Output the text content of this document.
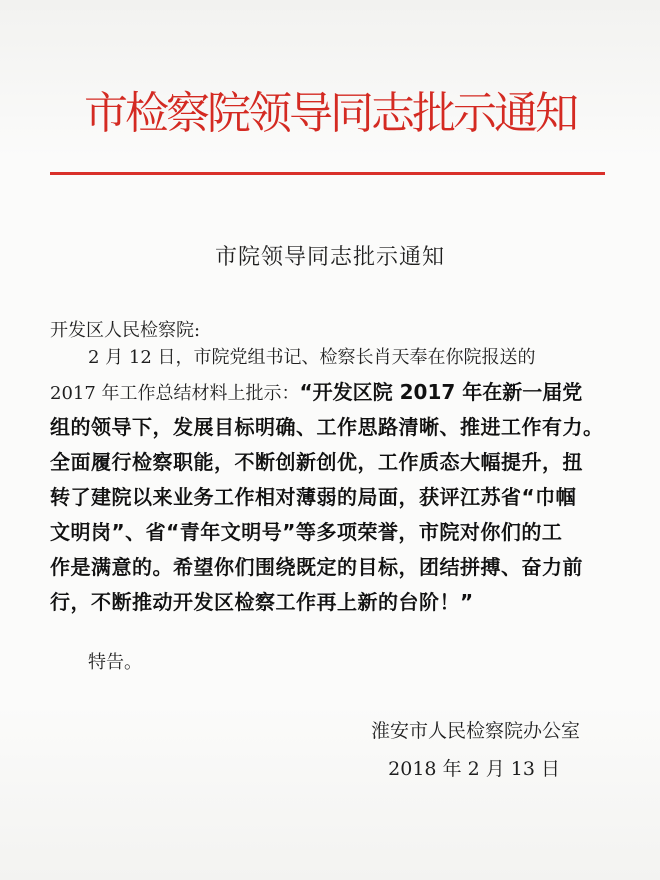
市检察院领导同志批示通知
市院领导同志批示通知
开发区人民检察院:
2 月 12 日，市院党组书记、检察长肖天奉在你院报送的
2017 年工作总结材料上批示：“开发区院 2017 年在新一届党
组的领导下，发展目标明确、工作思路清晰、推进工作有力。
全面履行检察职能，不断创新创优，工作质态大幅提升，扭
转了建院以来业务工作相对薄弱的局面，获评江苏省“巾帼
文明岗”、省“青年文明号”等多项荣誉，市院对你们的工
作是满意的。希望你们围绕既定的目标，团结拼搏、奋力前
行，不断推动开发区检察工作再上新的台阶！”
特告。
淮安市人民检察院办公室
2018 年 2 月 13 日
